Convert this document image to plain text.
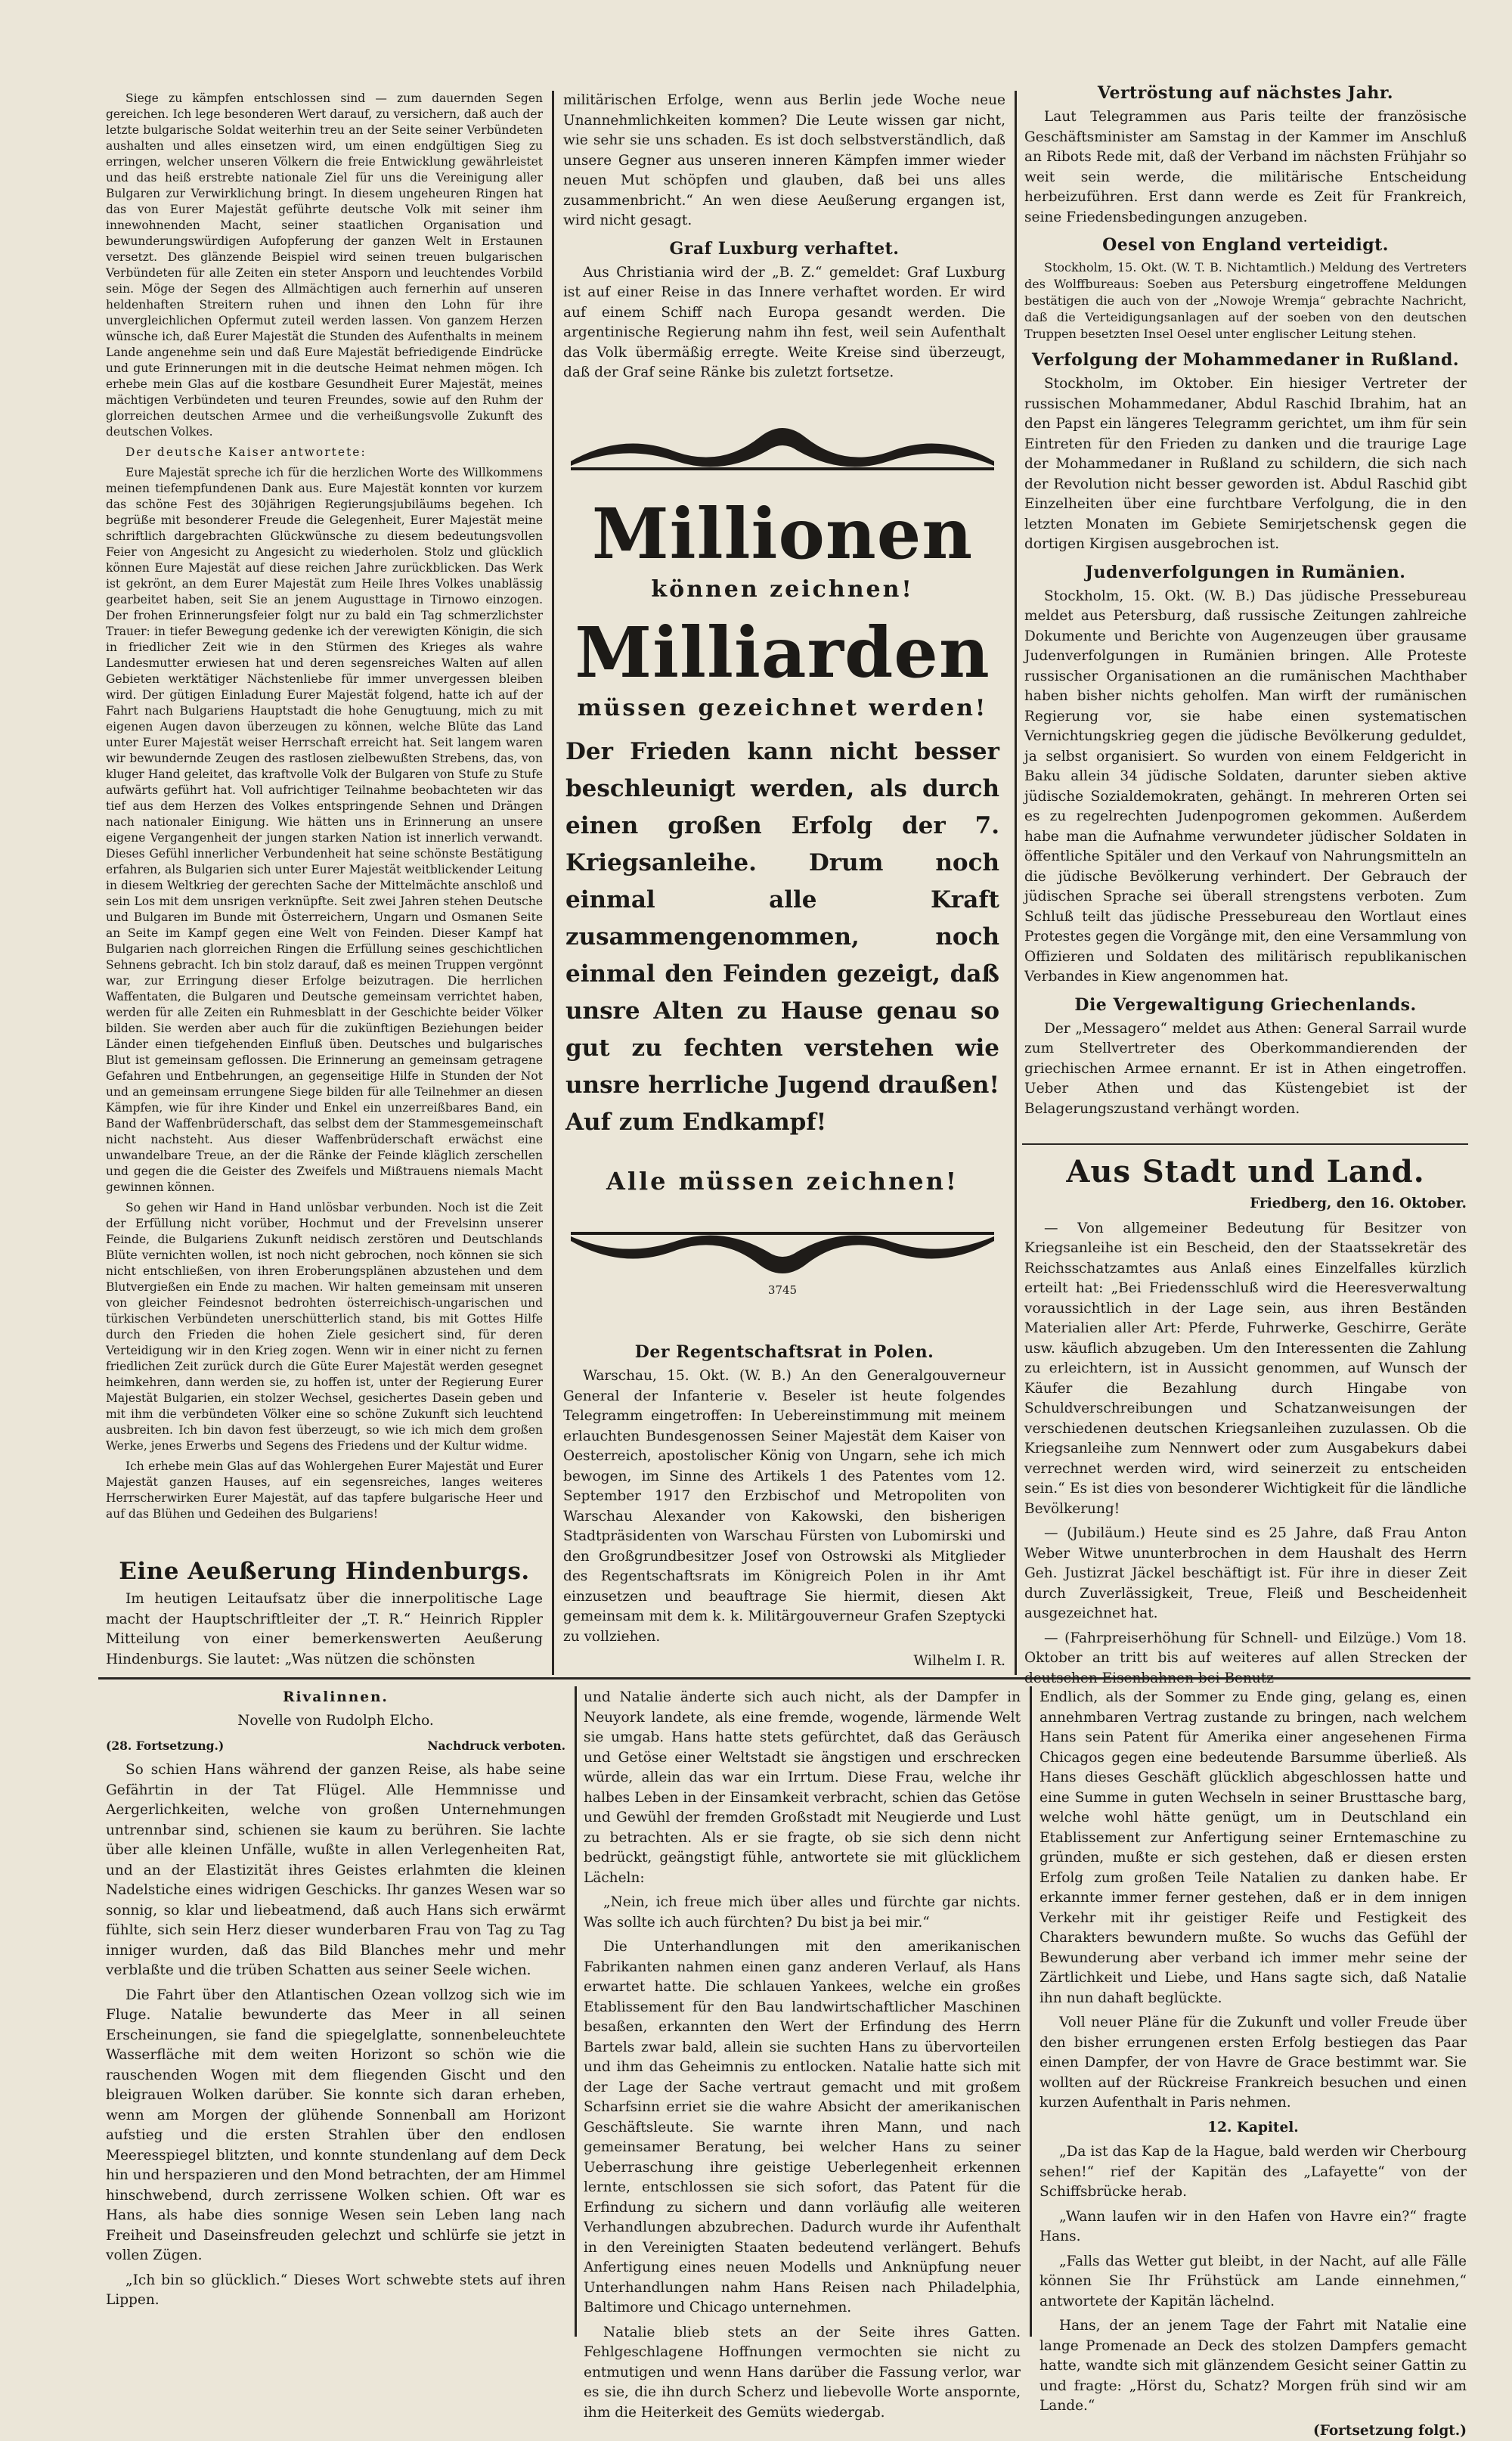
Siege zu kämpfen entschlossen sind — zum dauernden Segen gereichen. Ich lege besonderen Wert darauf, zu versichern, daß auch der letzte bulgarische Soldat weiterhin treu an der Seite seiner Verbündeten aushalten und alles einsetzen wird, um einen endgültigen Sieg zu erringen, welcher unseren Völkern die freie Entwicklung gewährleistet und das heiß erstrebte nationale Ziel für uns die Vereinigung aller Bulgaren zur Verwirklichung bringt. In diesem ungeheuren Ringen hat das von Eurer Majestät geführte deutsche Volk mit seiner ihm innewohnenden Macht, seiner staatlichen Organisation und bewunderungswürdigen Aufopferung der ganzen Welt in Erstaunen versetzt. Des glänzende Beispiel wird seinen treuen bulgarischen Verbündeten für alle Zeiten ein steter Ansporn und leuchtendes Vorbild sein. Möge der Segen des Allmächtigen auch fernerhin auf unseren heldenhaften Streitern ruhen und ihnen den Lohn für ihre unvergleichlichen Opfermut zuteil werden lassen. Von ganzem Herzen wünsche ich, daß Eurer Majestät die Stunden des Aufenthalts in meinem Lande angenehme sein und daß Eure Majestät befriedigende Eindrücke und gute Erinnerungen mit in die deutsche Heimat nehmen mögen. Ich erhebe mein Glas auf die kostbare Gesundheit Eurer Majestät, meines mächtigen Verbündeten und teuren Freundes, sowie auf den Ruhm der glorreichen deutschen Armee und die verheißungsvolle Zukunft des deutschen Volkes.

Der deutsche Kaiser antwortete:

Eure Majestät spreche ich für die herzlichen Worte des Willkommens meinen tiefempfundenen Dank aus. Eure Majestät konnten vor kurzem das schöne Fest des 30jährigen Regierungsjubiläums begehen. Ich begrüße mit besonderer Freude die Gelegenheit, Eurer Majestät meine schriftlich dargebrachten Glückwünsche zu diesem bedeutungsvollen Feier von Angesicht zu Angesicht zu wiederholen. Stolz und glücklich können Eure Majestät auf diese reichen Jahre zurückblicken. Das Werk ist gekrönt, an dem Eurer Majestät zum Heile Ihres Volkes unablässig gearbeitet haben, seit Sie an jenem Augusttage in Tirnowo einzogen. Der frohen Erinnerungsfeier folgt nur zu bald ein Tag schmerzlichster Trauer: in tiefer Bewegung gedenke ich der verewigten Königin, die sich in friedlicher Zeit wie in den Stürmen des Krieges als wahre Landesmutter erwiesen hat und deren segensreiches Walten auf allen Gebieten werktätiger Nächstenliebe für immer unvergessen bleiben wird. Der gütigen Einladung Eurer Majestät folgend, hatte ich auf der Fahrt nach Bulgariens Hauptstadt die hohe Genugtuung, mich zu mit eigenen Augen davon überzeugen zu können, welche Blüte das Land unter Eurer Majestät weiser Herrschaft erreicht hat. Seit langem waren wir bewundernde Zeugen des rastlosen zielbewußten Strebens, das, von kluger Hand geleitet, das kraftvolle Volk der Bulgaren von Stufe zu Stufe aufwärts geführt hat. Voll aufrichtiger Teilnahme beobachteten wir das tief aus dem Herzen des Volkes entspringende Sehnen und Drängen nach nationaler Einigung. Wie hätten uns in Erinnerung an unsere eigene Vergangenheit der jungen starken Nation ist innerlich verwandt. Dieses Gefühl innerlicher Verbundenheit hat seine schönste Bestätigung erfahren, als Bulgarien sich unter Eurer Majestät weitblickender Leitung in diesem Weltkrieg der gerechten Sache der Mittelmächte anschloß und sein Los mit dem unsrigen verknüpfte. Seit zwei Jahren stehen Deutsche und Bulgaren im Bunde mit Österreichern, Ungarn und Osmanen Seite an Seite im Kampf gegen eine Welt von Feinden. Dieser Kampf hat Bulgarien nach glorreichen Ringen die Erfüllung seines geschichtlichen Sehnens gebracht. Ich bin stolz darauf, daß es meinen Truppen vergönnt war, zur Erringung dieser Erfolge beizutragen. Die herrlichen Waffentaten, die Bulgaren und Deutsche gemeinsam verrichtet haben, werden für alle Zeiten ein Ruhmesblatt in der Geschichte beider Völker bilden. Sie werden aber auch für die zukünftigen Beziehungen beider Länder einen tiefgehenden Einfluß üben. Deutsches und bulgarisches Blut ist gemeinsam geflossen. Die Erinnerung an gemeinsam getragene Gefahren und Entbehrungen, an gegenseitige Hilfe in Stunden der Not und an gemeinsam errungene Siege bilden für alle Teilnehmer an diesen Kämpfen, wie für ihre Kinder und Enkel ein unzerreißbares Band, ein Band der Waffenbrüderschaft, das selbst dem der Stammesgemeinschaft nicht nachsteht. Aus dieser Waffenbrüderschaft erwächst eine unwandelbare Treue, an der die Ränke der Feinde kläglich zerschellen und gegen die die Geister des Zweifels und Mißtrauens niemals Macht gewinnen können.

So gehen wir Hand in Hand unlösbar verbunden. Noch ist die Zeit der Erfüllung nicht vorüber, Hochmut und der Frevelsinn unserer Feinde, die Bulgariens Zukunft neidisch zerstören und Deutschlands Blüte vernichten wollen, ist noch nicht gebrochen, noch können sie sich nicht entschließen, von ihren Eroberungsplänen abzustehen und dem Blutvergießen ein Ende zu machen. Wir halten gemeinsam mit unseren von gleicher Feindesnot bedrohten österreichisch-ungarischen und türkischen Verbündeten unerschütterlich stand, bis mit Gottes Hilfe durch den Frieden die hohen Ziele gesichert sind, für deren Verteidigung wir in den Krieg zogen. Wenn wir in einer nicht zu fernen friedlichen Zeit zurück durch die Güte Eurer Majestät werden gesegnet heimkehren, dann werden sie, zu hoffen ist, unter der Regierung Eurer Majestät Bulgarien, ein stolzer Wechsel, gesichertes Dasein geben und mit ihm die verbündeten Völker eine so schöne Zukunft sich leuchtend ausbreiten. Ich bin davon fest überzeugt, so wie ich mich dem großen Werke, jenes Erwerbs und Segens des Friedens und der Kultur widme.

Ich erhebe mein Glas auf das Wohlergehen Eurer Majestät und Eurer Majestät ganzen Hauses, auf ein segensreiches, langes weiteres Herrscherwirken Eurer Majestät, auf das tapfere bulgarische Heer und auf das Blühen und Gedeihen des Bulgariens!

Eine Aeußerung Hindenburgs.

Im heutigen Leitaufsatz über die innerpolitische Lage macht der Hauptschriftleiter der „T. R.“ Heinrich Rippler Mitteilung von einer bemerkenswerten Aeußerung Hindenburgs. Sie lautet: „Was nützen die schönsten

militärischen Erfolge, wenn aus Berlin jede Woche neue Unannehmlichkeiten kommen? Die Leute wissen gar nicht, wie sehr sie uns schaden. Es ist doch selbstverständlich, daß unsere Gegner aus unseren inneren Kämpfen immer wieder neuen Mut schöpfen und glauben, daß bei uns alles zusammenbricht.“ An wen diese Aeußerung ergangen ist, wird nicht gesagt.

Graf Luxburg verhaftet.

Aus Christiania wird der „B. Z.“ gemeldet: Graf Luxburg ist auf einer Reise in das Innere verhaftet worden. Er wird auf einem Schiff nach Europa gesandt werden. Die argentinische Regierung nahm ihn fest, weil sein Aufenthalt das Volk übermäßig erregte. Weite Kreise sind überzeugt, daß der Graf seine Ränke bis zuletzt fortsetze.

Millionen

können zeichnen!

Milliarden

müssen gezeichnet werden!

Der Frieden kann nicht besser beschleunigt werden, als durch einen großen Erfolg der 7. Kriegsanleihe. Drum noch einmal alle Kraft zusammengenommen, noch einmal den Feinden gezeigt, daß unsre Alten zu Hause genau so gut zu fechten verstehen wie unsre herrliche Jugend draußen! Auf zum Endkampf!

Alle müssen zeichnen!

3745

Der Regentschaftsrat in Polen.

Warschau, 15. Okt. (W. B.) An den Generalgouverneur General der Infanterie v. Beseler ist heute folgendes Telegramm eingetroffen: In Uebereinstimmung mit meinem erlauchten Bundesgenossen Seiner Majestät dem Kaiser von Oesterreich, apostolischer König von Ungarn, sehe ich mich bewogen, im Sinne des Artikels 1 des Patentes vom 12. September 1917 den Erzbischof und Metropoliten von Warschau Alexander von Kakowski, den bisherigen Stadtpräsidenten von Warschau Fürsten von Lubomirski und den Großgrundbesitzer Josef von Ostrowski als Mitglieder des Regentschaftsrats im Königreich Polen in ihr Amt einzusetzen und beauftrage Sie hiermit, diesen Akt gemeinsam mit dem k. k. Militärgouverneur Grafen Szeptycki zu vollziehen.

Wilhelm I. R.

Vertröstung auf nächstes Jahr.

Laut Telegrammen aus Paris teilte der französische Geschäftsminister am Samstag in der Kammer im Anschluß an Ribots Rede mit, daß der Verband im nächsten Frühjahr so weit sein werde, die militärische Entscheidung herbeizuführen. Erst dann werde es Zeit für Frankreich, seine Friedensbedingungen anzugeben.

Oesel von England verteidigt.

Stockholm, 15. Okt. (W. T. B. Nichtamtlich.) Meldung des Vertreters des Wolffbureaus: Soeben aus Petersburg eingetroffene Meldungen bestätigen die auch von der „Nowoje Wremja“ gebrachte Nachricht, daß die Verteidigungsanlagen auf der soeben von den deutschen Truppen besetzten Insel Oesel unter englischer Leitung stehen.

Verfolgung der Mohammedaner in Rußland.

Stockholm, im Oktober. Ein hiesiger Vertreter der russischen Mohammedaner, Abdul Raschid Ibrahim, hat an den Papst ein längeres Telegramm gerichtet, um ihm für sein Eintreten für den Frieden zu danken und die traurige Lage der Mohammedaner in Rußland zu schildern, die sich nach der Revolution nicht besser geworden ist. Abdul Raschid gibt Einzelheiten über eine furchtbare Verfolgung, die in den letzten Monaten im Gebiete Semirjetschensk gegen die dortigen Kirgisen ausgebrochen ist.

Judenverfolgungen in Rumänien.

Stockholm, 15. Okt. (W. B.) Das jüdische Pressebureau meldet aus Petersburg, daß russische Zeitungen zahlreiche Dokumente und Berichte von Augenzeugen über grausame Judenverfolgungen in Rumänien bringen. Alle Proteste russischer Organisationen an die rumänischen Machthaber haben bisher nichts geholfen. Man wirft der rumänischen Regierung vor, sie habe einen systematischen Vernichtungskrieg gegen die jüdische Bevölkerung geduldet, ja selbst organisiert. So wurden von einem Feldgericht in Baku allein 34 jüdische Soldaten, darunter sieben aktive jüdische Sozialdemokraten, gehängt. In mehreren Orten sei es zu regelrechten Judenpogromen gekommen. Außerdem habe man die Aufnahme verwundeter jüdischer Soldaten in öffentliche Spitäler und den Verkauf von Nahrungsmitteln an die jüdische Bevölkerung verhindert. Der Gebrauch der jüdischen Sprache sei überall strengstens verboten. Zum Schluß teilt das jüdische Pressebureau den Wortlaut eines Protestes gegen die Vorgänge mit, den eine Versammlung von Offizieren und Soldaten des militärisch republikanischen Verbandes in Kiew angenommen hat.

Die Vergewaltigung Griechenlands.

Der „Messagero“ meldet aus Athen: General Sarrail wurde zum Stellvertreter des Oberkommandierenden der griechischen Armee ernannt. Er ist in Athen eingetroffen. Ueber Athen und das Küstengebiet ist der Belagerungszustand verhängt worden.

Aus Stadt und Land.

Friedberg, den 16. Oktober.

— Von allgemeiner Bedeutung für Besitzer von Kriegsanleihe ist ein Bescheid, den der Staatssekretär des Reichsschatzamtes aus Anlaß eines Einzelfalles kürzlich erteilt hat: „Bei Friedensschluß wird die Heeresverwaltung voraussichtlich in der Lage sein, aus ihren Beständen Materialien aller Art: Pferde, Fuhrwerke, Geschirre, Geräte usw. käuflich abzugeben. Um den Interessenten die Zahlung zu erleichtern, ist in Aussicht genommen, auf Wunsch der Käufer die Bezahlung durch Hingabe von Schuldverschreibungen und Schatzanweisungen der verschiedenen deutschen Kriegsanleihen zuzulassen. Ob die Kriegsanleihe zum Nennwert oder zum Ausgabekurs dabei verrechnet werden wird, wird seinerzeit zu entscheiden sein.“ Es ist dies von besonderer Wichtigkeit für die ländliche Bevölkerung!

— (Jubiläum.) Heute sind es 25 Jahre, daß Frau Anton Weber Witwe ununterbrochen in dem Haushalt des Herrn Geh. Justizrat Jäckel beschäftigt ist. Für ihre in dieser Zeit durch Zuverlässigkeit, Treue, Fleiß und Bescheidenheit ausgezeichnet hat.

— (Fahrpreiserhöhung für Schnell- und Eilzüge.) Vom 18. Oktober an tritt bis auf weiteres auf allen Strecken der deutschen Eisenbahnen bei Benutz

Rivalinnen.

Novelle von Rudolph Elcho.

(28. Fortsetzung.)	Nachdruck verboten.

So schien Hans während der ganzen Reise, als habe seine Gefährtin in der Tat Flügel. Alle Hemmnisse und Aergerlichkeiten, welche von großen Unternehmungen untrennbar sind, schienen sie kaum zu berühren. Sie lachte über alle kleinen Unfälle, wußte in allen Verlegenheiten Rat, und an der Elastizität ihres Geistes erlahmten die kleinen Nadelstiche eines widrigen Geschicks. Ihr ganzes Wesen war so sonnig, so klar und liebeatmend, daß auch Hans sich erwärmt fühlte, sich sein Herz dieser wunderbaren Frau von Tag zu Tag inniger wurden, daß das Bild Blanches mehr und mehr verblaßte und die trüben Schatten aus seiner Seele wichen.

Die Fahrt über den Atlantischen Ozean vollzog sich wie im Fluge. Natalie bewunderte das Meer in all seinen Erscheinungen, sie fand die spiegelglatte, sonnenbeleuchtete Wasserfläche mit dem weiten Horizont so schön wie die rauschenden Wogen mit dem fliegenden Gischt und den bleigrauen Wolken darüber. Sie konnte sich daran erheben, wenn am Morgen der glühende Sonnenball am Horizont aufstieg und die ersten Strahlen über den endlosen Meeresspiegel blitzten, und konnte stundenlang auf dem Deck hin und herspazieren und den Mond betrachten, der am Himmel hinschwebend, durch zerrissene Wolken schien. Oft war es Hans, als habe dies sonnige Wesen sein Leben lang nach Freiheit und Daseinsfreuden gelechzt und schlürfe sie jetzt in vollen Zügen.

„Ich bin so glücklich.“ Dieses Wort schwebte stets auf ihren Lippen.

und Natalie änderte sich auch nicht, als der Dampfer in Neuyork landete, als eine fremde, wogende, lärmende Welt sie umgab. Hans hatte stets gefürchtet, daß das Geräusch und Getöse einer Weltstadt sie ängstigen und erschrecken würde, allein das war ein Irrtum. Diese Frau, welche ihr halbes Leben in der Einsamkeit verbracht, schien das Getöse und Gewühl der fremden Großstadt mit Neugierde und Lust zu betrachten. Als er sie fragte, ob sie sich denn nicht bedrückt, geängstigt fühle, antwortete sie mit glücklichem Lächeln:

„Nein, ich freue mich über alles und fürchte gar nichts. Was sollte ich auch fürchten? Du bist ja bei mir.“

Die Unterhandlungen mit den amerikanischen Fabrikanten nahmen einen ganz anderen Verlauf, als Hans erwartet hatte. Die schlauen Yankees, welche ein großes Etablissement für den Bau landwirtschaftlicher Maschinen besaßen, erkannten den Wert der Erfindung des Herrn Bartels zwar bald, allein sie suchten Hans zu übervorteilen und ihm das Geheimnis zu entlocken. Natalie hatte sich mit der Lage der Sache vertraut gemacht und mit großem Scharfsinn erriet sie die wahre Absicht der amerikanischen Geschäftsleute. Sie warnte ihren Mann, und nach gemeinsamer Beratung, bei welcher Hans zu seiner Ueberraschung ihre geistige Ueberlegenheit erkennen lernte, entschlossen sie sich sofort, das Patent für die Erfindung zu sichern und dann vorläufig alle weiteren Verhandlungen abzubrechen. Dadurch wurde ihr Aufenthalt in den Vereinigten Staaten bedeutend verlängert. Behufs Anfertigung eines neuen Modells und Anknüpfung neuer Unterhandlungen nahm Hans Reisen nach Philadelphia, Baltimore und Chicago unternehmen.

Natalie blieb stets an der Seite ihres Gatten. Fehlgeschlagene Hoffnungen vermochten sie nicht zu entmutigen und wenn Hans darüber die Fassung verlor, war es sie, die ihn durch Scherz und liebevolle Worte anspornte, ihm die Heiterkeit des Gemüts wiedergab.

Endlich, als der Sommer zu Ende ging, gelang es, einen annehmbaren Vertrag zustande zu bringen, nach welchem Hans sein Patent für Amerika einer angesehenen Firma Chicagos gegen eine bedeutende Barsumme überließ. Als Hans dieses Geschäft glücklich abgeschlossen hatte und eine Summe in guten Wechseln in seiner Brusttasche barg, welche wohl hätte genügt, um in Deutschland ein Etablissement zur Anfertigung seiner Erntemaschine zu gründen, mußte er sich gestehen, daß er diesen ersten Erfolg zum großen Teile Natalien zu danken habe. Er erkannte immer ferner gestehen, daß er in dem innigen Verkehr mit ihr geistiger Reife und Festigkeit des Charakters bewundern mußte. So wuchs das Gefühl der Bewunderung aber verband ich immer mehr seine der Zärtlichkeit und Liebe, und Hans sagte sich, daß Natalie ihn nun dahaft beglückte.

Voll neuer Pläne für die Zukunft und voller Freude über den bisher errungenen ersten Erfolg bestiegen das Paar einen Dampfer, der von Havre de Grace bestimmt war. Sie wollten auf der Rückreise Frankreich besuchen und einen kurzen Aufenthalt in Paris nehmen.

12. Kapitel.

„Da ist das Kap de la Hague, bald werden wir Cherbourg sehen!“ rief der Kapitän des „Lafayette“ von der Schiffsbrücke herab.

„Wann laufen wir in den Hafen von Havre ein?“ fragte Hans.

„Falls das Wetter gut bleibt, in der Nacht, auf alle Fälle können Sie Ihr Frühstück am Lande einnehmen,“ antwortete der Kapitän lächelnd.

Hans, der an jenem Tage der Fahrt mit Natalie eine lange Promenade an Deck des stolzen Dampfers gemacht hatte, wandte sich mit glänzendem Gesicht seiner Gattin zu und fragte: „Hörst du, Schatz? Morgen früh sind wir am Lande.“

(Fortsetzung folgt.)
